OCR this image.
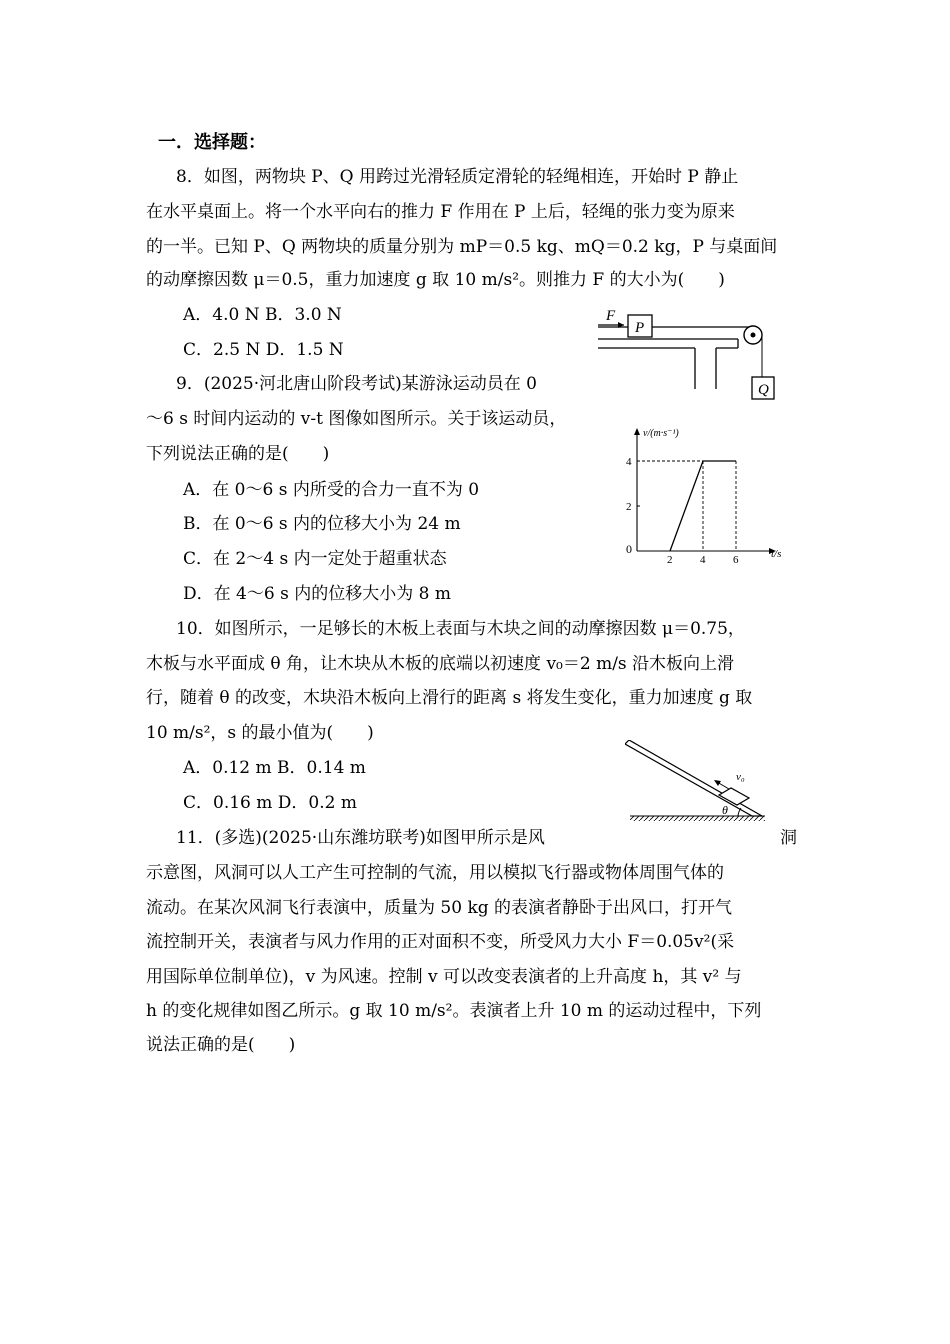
一．选择题：
8．如图，两物块 P、Q 用跨过光滑轻质定滑轮的轻绳相连，开始时 P 静止
在水平桌面上。将一个水平向右的推力 F 作用在 P 上后，轻绳的张力变为原来
的一半。已知 P、Q 两物块的质量分别为 mP＝0.5 kg、mQ＝0.2 kg，P 与桌面间
的动摩擦因数 μ＝0.5，重力加速度 g 取 10 m/s²。则推力 F 的大小为(　　)
A．4.0 N B．3.0 N
C．2.5 N D．1.5 N
P
F
Q
9．(2025·河北唐山阶段考试)某游泳运动员在 0
～6 s 时间内运动的 v-t 图像如图所示。关于该运动员，
下列说法正确的是(　　)
A．在 0～6 s 内所受的合力一直不为 0
B．在 0～6 s 内的位移大小为 24 m
C．在 2～4 s 内一定处于超重状态
D．在 4～6 s 内的位移大小为 8 m
v/(m·s⁻¹)
t/s
0
2	4	6
2
4
10．如图所示，一足够长的木板上表面与木块之间的动摩擦因数 μ＝0.75，
木板与水平面成 θ 角，让木块从木板的底端以初速度 v₀＝2 m/s 沿木板向上滑
行，随着 θ 的改变，木块沿木板向上滑行的距离 s 将发生变化，重力加速度 g 取
10 m/s²，s 的最小值为(　　)
A．0.12 m B．0.14 m
C．0.16 m D．0.2 m
v₀
θ
11．(多选)(2025·山东潍坊联考)如图甲所示是风	洞
示意图，风洞可以人工产生可控制的气流，用以模拟飞行器或物体周围气体的
流动。在某次风洞飞行表演中，质量为 50 kg 的表演者静卧于出风口，打开气
流控制开关，表演者与风力作用的正对面积不变，所受风力大小 F＝0.05v²(采
用国际单位制单位)，v 为风速。控制 v 可以改变表演者的上升高度 h，其 v² 与
h 的变化规律如图乙所示。g 取 10 m/s²。表演者上升 10 m 的运动过程中，下列
说法正确的是(　　)
